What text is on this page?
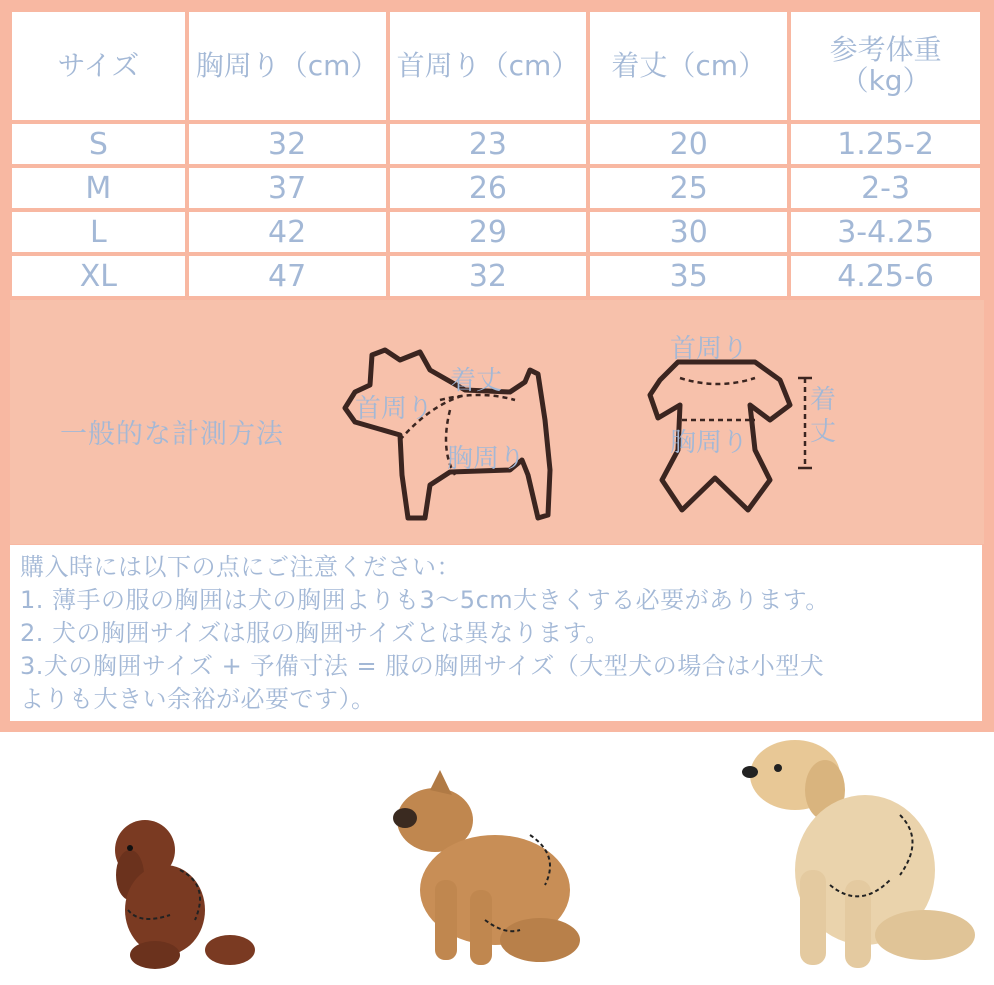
サイズ	胸周り（cm）	首周り（cm）	着丈（cm）	参考体重
（kg）

S	32	23	20	1.25-2
M	37	26	25	2-3
L	42	29	30	3-4.25
XL	47	32	35	4.25-6
一般的な計測方法
着丈
首周り
胸周り
首周り
胸周り
着丈
購入時には以下の点にご注意ください：
1. 薄手の服の胸囲は犬の胸囲よりも3～5cm大きくする必要があります。
2. 犬の胸囲サイズは服の胸囲サイズとは異なります。
3.犬の胸囲サイズ + 予備寸法 = 服の胸囲サイズ（大型犬の場合は小型犬
よりも大きい余裕が必要です）。
